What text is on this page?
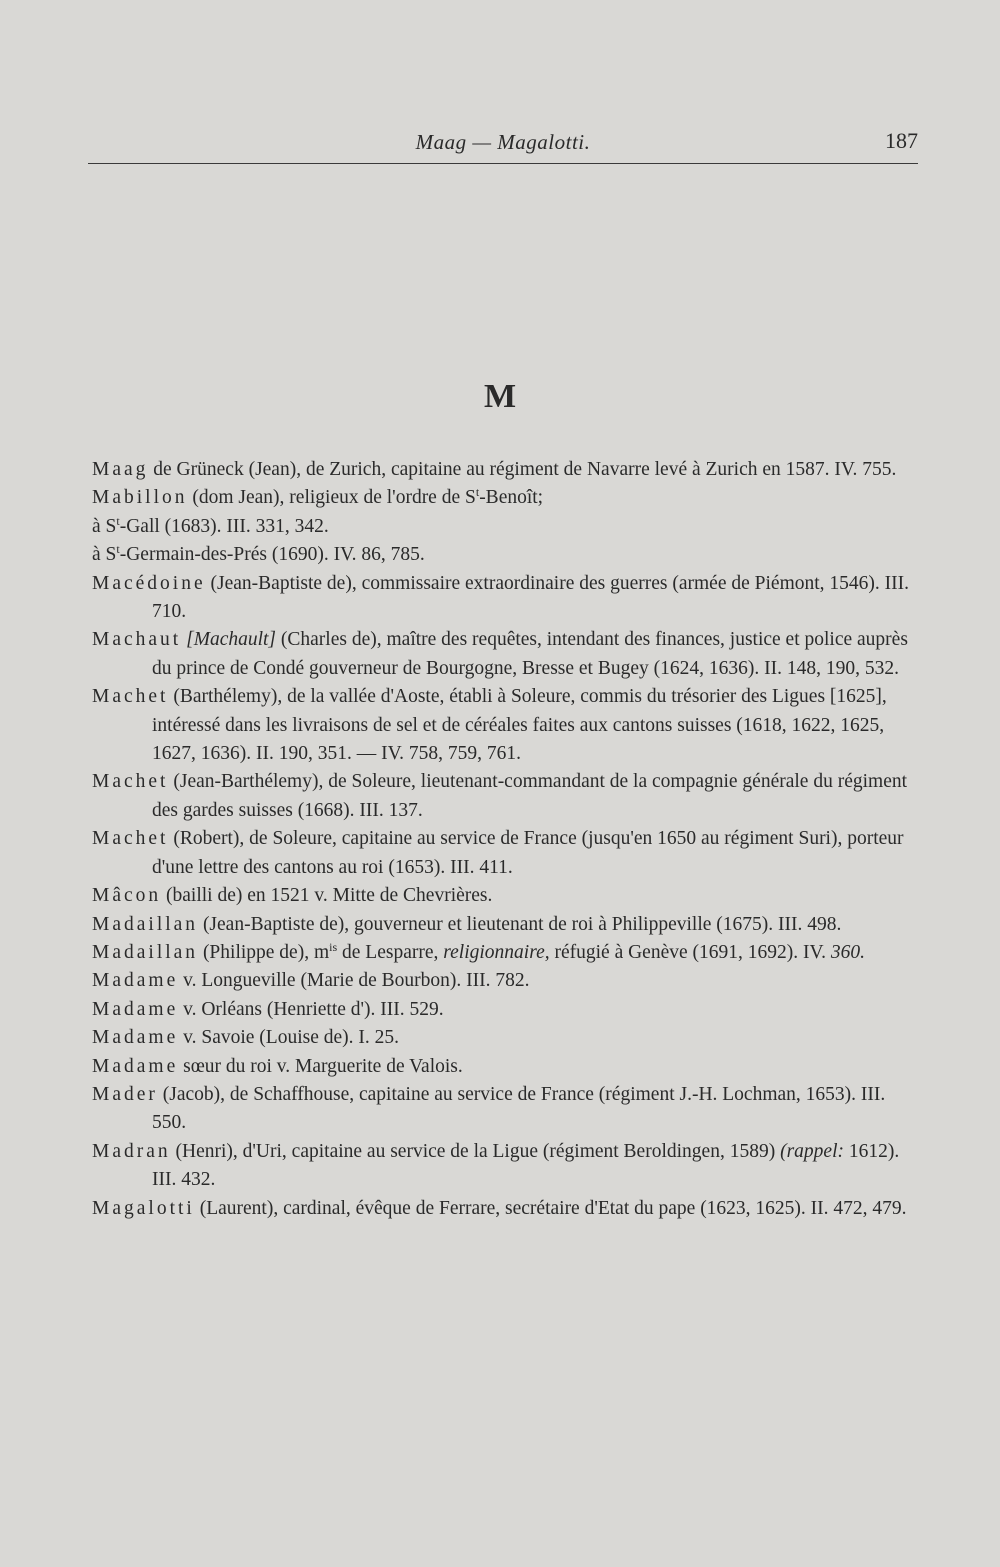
Maag — Magalotti.	187
M

Maag de Grüneck (Jean), de Zurich, capitaine au régiment de Navarre levé à Zurich en 1587. IV. 755.

Mabillon (dom Jean), religieux de l'ordre de $S^t$-Benoît;
à $S^t$-Gall (1683). III. 331, 342.
à $S^t-Germain-des$-Prés (1690). IV. 86, 785.

Macédoine (Jean-Baptiste de), commissaire extraordinaire des guerres (armée de Piémont, 1546). III. 710.

Machaut [Machault] (Charles de), maître des requêtes, intendant des finances, justice et police auprès du prince de Condé gouverneur de Bourgogne, Bresse et Bugey (1624, 1636). II. 148, 190, 532.

Machet (Barthélemy), de la vallée d'Aoste, établi à Soleure, commis du trésorier des Ligues [1625], intéressé dans les livraisons de sel et de céréales faites aux cantons suisses (1618, 1622, 1625, 1627, 1636). II. 190, 351. — IV. 758, 759, 761.

Machet (Jean-Barthélemy), de Soleure, lieutenant-commandant de la compagnie générale du régiment des gardes suisses (1668). III. 137.

Machet (Robert), de Soleure, capitaine au service de France (jusqu'en 1650 au régiment Suri), porteur d'une lettre des cantons au roi (1653). III. 411.

Mâcon (bailli de) en 1521 v. Mitte de Chevrières.

Madaillan (Jean-Baptiste de), gouverneur et lieutenant de roi à Philippeville (1675). III. 498.

Madaillan (Philippe de), $m^{is}$ de Lesparre, religionnaire, réfugié à Genève (1691, 1692). IV. 360.

Madame v. Longueville (Marie de Bourbon). III. 782.

Madame v. Orléans (Henriette d'). III. 529.

Madame v. Savoie (Louise de). I. 25.

Madame sœur du roi v. Marguerite de Valois.

Mader (Jacob), de Schaffhouse, capitaine au service de France (régiment J.-H. Lochman, 1653). III. 550.

Madran (Henri), d'Uri, capitaine au service de la Ligue (régiment Beroldingen, 1589) (rappel: 1612). III. 432.

Magalotti (Laurent), cardinal, évêque de Ferrare, secrétaire d'Etat du pape (1623, 1625). II. 472, 479.
